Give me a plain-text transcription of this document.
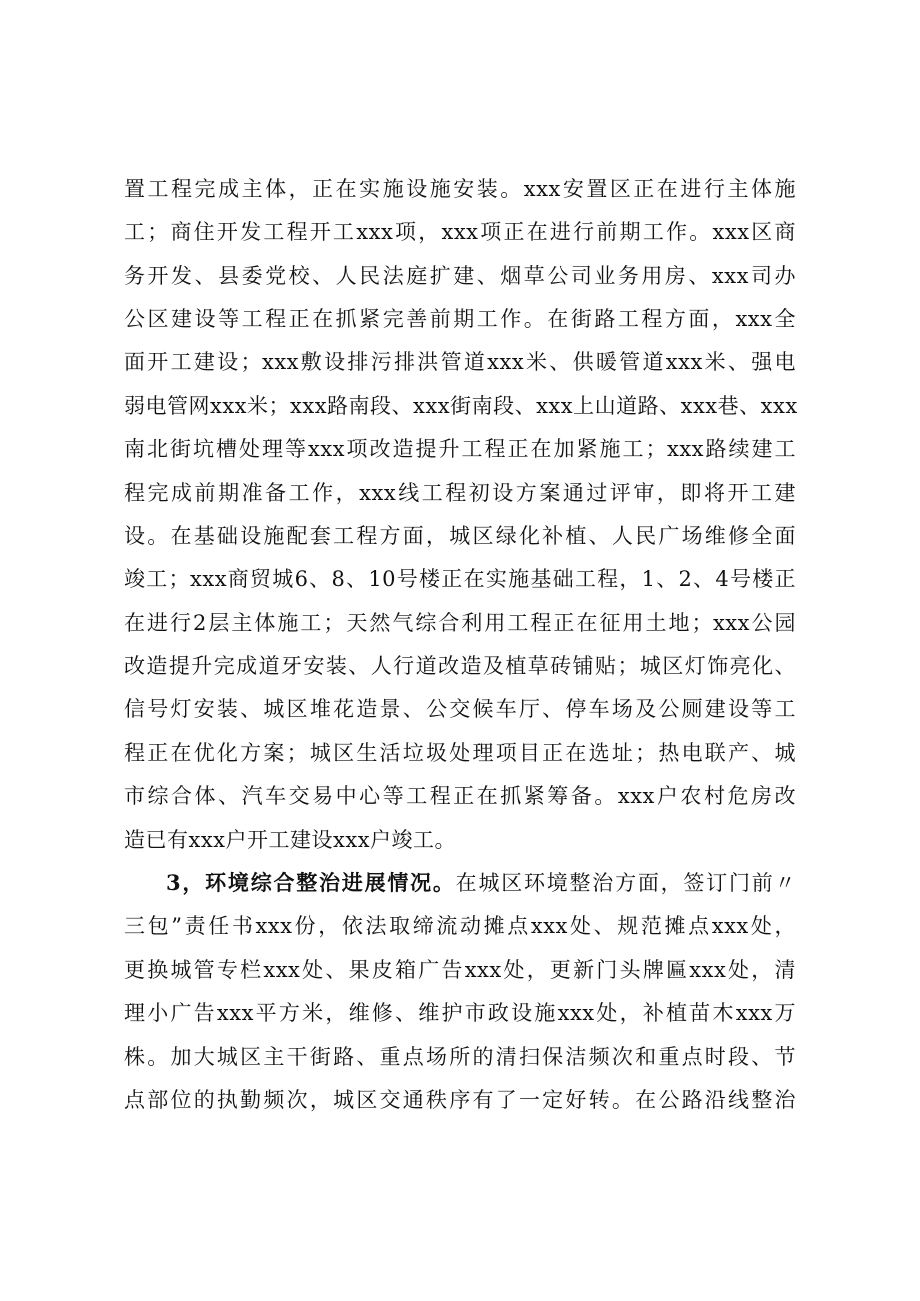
置工程完成主体，正在实施设施安装。xxx安置区正在进行主体施
工；商住开发工程开工xxx项，xxx项正在进行前期工作。xxx区商
务开发、县委党校、人民法庭扩建、烟草公司业务用房、xxx司办
公区建设等工程正在抓紧完善前期工作。在街路工程方面，xxx全
面开工建设；xxx敷设排污排洪管道xxx米、供暖管道xxx米、强电
弱电管网xxx米；xxx路南段、xxx街南段、xxx上山道路、xxx巷、xxx
南北街坑槽处理等xxx项改造提升工程正在加紧施工；xxx路续建工
程完成前期准备工作，xxx线工程初设方案通过评审，即将开工建
设。在基础设施配套工程方面，城区绿化补植、人民广场维修全面
竣工；xxx商贸城6、8、10号楼正在实施基础工程，1、2、4号楼正
在进行2层主体施工；天然气综合利用工程正在征用土地；xxx公园
改造提升完成道牙安装、人行道改造及植草砖铺贴；城区灯饰亮化、
信号灯安装、城区堆花造景、公交候车厅、停车场及公厕建设等工
程正在优化方案；城区生活垃圾处理项目正在选址；热电联产、城
市综合体、汽车交易中心等工程正在抓紧筹备。xxx户农村危房改
造已有xxx户开工建设xxx户竣工。
3，环境综合整治进展情况。在城区环境整治方面，签订门前〃
三包”责任书xxx份，依法取缔流动摊点xxx处、规范摊点xxx处，
更换城管专栏xxx处、果皮箱广告xxx处，更新门头牌匾xxx处，清
理小广告xxx平方米，维修、维护市政设施xxx处，补植苗木xxx万
株。加大城区主干街路、重点场所的清扫保洁频次和重点时段、节
点部位的执勤频次，城区交通秩序有了一定好转。在公路沿线整治
